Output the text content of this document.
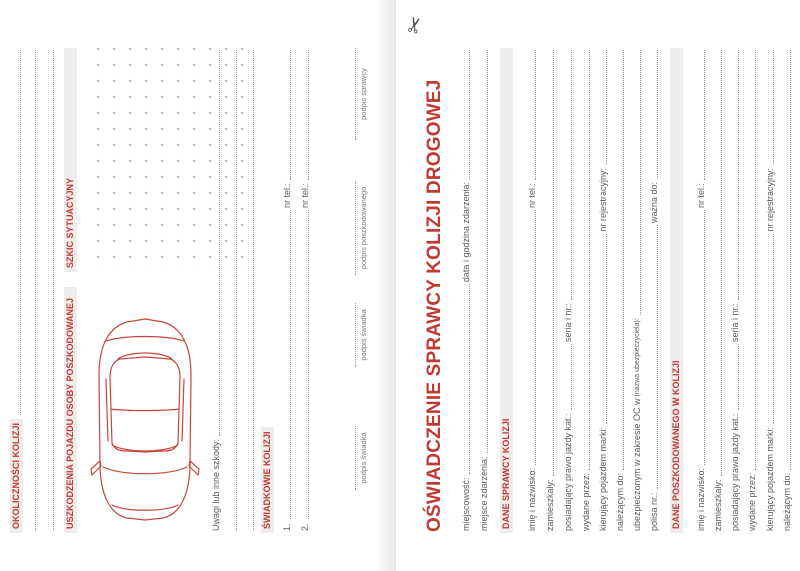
OKOLICZNOŚCI KOLIZJI	USZKODZENIA POJAZDU OSOBY POSZKODOWANEJ
SZKIC SYTUACYJNY
Uwagi lub inne szkody:	ŚWIADKOWIE KOLIZJI 1.
nr tel.:
2.
nr tel.:
podpis świadka
podpis świadka
podpis poszkodowanego
podpis sprawcy
✂
OŚWIADCZENIE SPRAWCY KOLIZJI DROGOWEJ miejscowość:
data i godzina zdarzenia:
miejsce zdarzenia: DANE SPRAWCY KOLIZJI imię i nazwisko:
nr tel.:
zamieszkały: posiadający prawo jazdy kat.:
seria i nr.:
wydane przez: kierujący pojazdem marki:
nr rejestracyjny:
należącym do: ubezpieczonym w zakresie OC w
(nazwa ubezpieczyciela):
polisa nr.:
ważna do:
DANE POSZKODOWANEGO W KOLIZJI imię i nazwisko:
nr tel.:
zamieszkały: posiadający prawo jazdy kat.:
seria i nr.:
wydane przez: kierujący pojazdem marki:
nr rejestracyjny:
należącym do:
